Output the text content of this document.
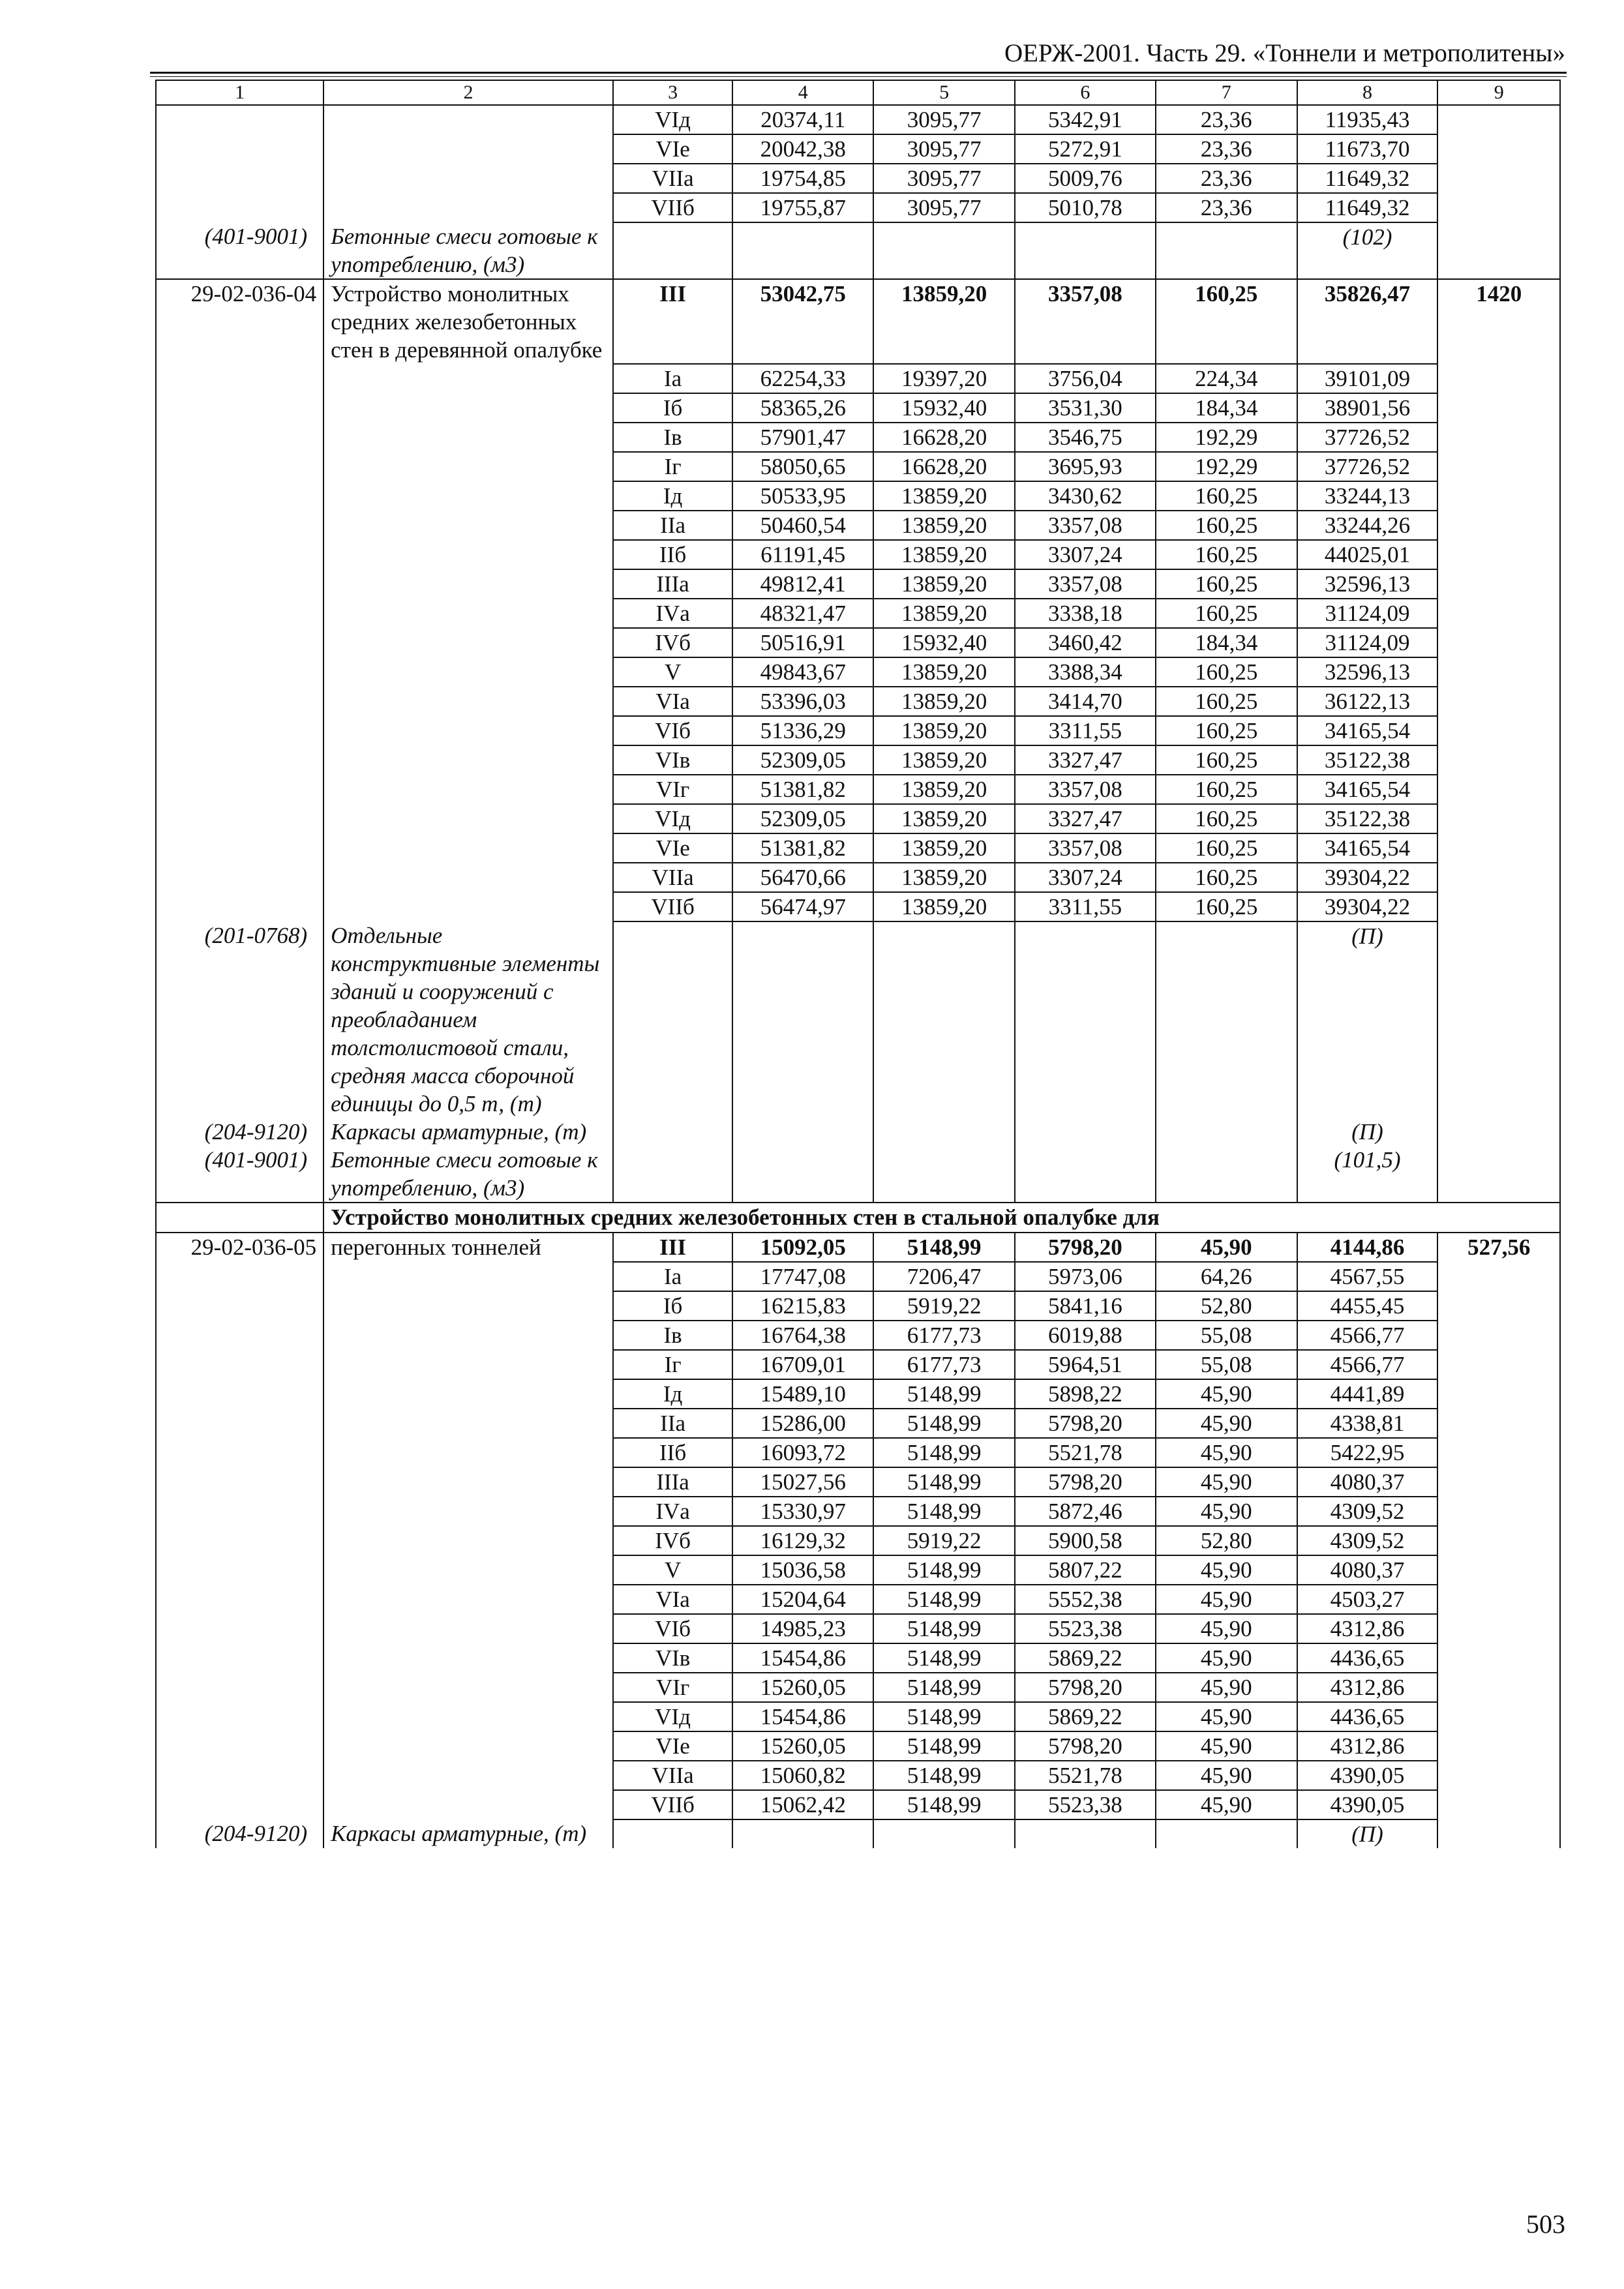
ОЕРЖ-2001. Часть 29. «Тоннели и метрополитены»
1	2	3	4	5	6	7	8	9
		VIд	20374,11	3095,77	5342,91	23,36	11935,43	
		VIе	20042,38	3095,77	5272,91	23,36	11673,70	
		VIIа	19754,85	3095,77	5009,76	23,36	11649,32	
		VIIб	19755,87	3095,77	5010,78	23,36	11649,32	
(401-9001)	Бетонные смеси готовые к употреблению, (м3)						(102)	
29-02-036-04	Устройство монолитных средних железобетонных стен в деревянной опалубке	III	53042,75	13859,20	3357,08	160,25	35826,47	1420
		Iа	62254,33	19397,20	3756,04	224,34	39101,09	
		Iб	58365,26	15932,40	3531,30	184,34	38901,56	
		Iв	57901,47	16628,20	3546,75	192,29	37726,52	
		Iг	58050,65	16628,20	3695,93	192,29	37726,52	
		Iд	50533,95	13859,20	3430,62	160,25	33244,13	
		IIа	50460,54	13859,20	3357,08	160,25	33244,26	
		IIб	61191,45	13859,20	3307,24	160,25	44025,01	
		IIIа	49812,41	13859,20	3357,08	160,25	32596,13	
		IVа	48321,47	13859,20	3338,18	160,25	31124,09	
		IVб	50516,91	15932,40	3460,42	184,34	31124,09	
		V	49843,67	13859,20	3388,34	160,25	32596,13	
		VIа	53396,03	13859,20	3414,70	160,25	36122,13	
		VIб	51336,29	13859,20	3311,55	160,25	34165,54	
		VIв	52309,05	13859,20	3327,47	160,25	35122,38	
		VIг	51381,82	13859,20	3357,08	160,25	34165,54	
		VIд	52309,05	13859,20	3327,47	160,25	35122,38	
		VIе	51381,82	13859,20	3357,08	160,25	34165,54	
		VIIа	56470,66	13859,20	3307,24	160,25	39304,22	
		VIIб	56474,97	13859,20	3311,55	160,25	39304,22	
(201-0768)	Отдельные конструктивные элементы зданий и сооружений с преобладанием толстолистовой стали, средняя масса сборочной единицы до 0,5 т, (т)						(П)	
(204-9120)	Каркасы арматурные, (т)						(П)	
(401-9001)	Бетонные смеси готовые к употреблению, (м3)						(101,5)	
	Устройство монолитных средних железобетонных стен в стальной опалубке для							
29-02-036-05	перегонных тоннелей	III	15092,05	5148,99	5798,20	45,90	4144,86	527,56
		Iа	17747,08	7206,47	5973,06	64,26	4567,55	
		Iб	16215,83	5919,22	5841,16	52,80	4455,45	
		Iв	16764,38	6177,73	6019,88	55,08	4566,77	
		Iг	16709,01	6177,73	5964,51	55,08	4566,77	
		Iд	15489,10	5148,99	5898,22	45,90	4441,89	
		IIа	15286,00	5148,99	5798,20	45,90	4338,81	
		IIб	16093,72	5148,99	5521,78	45,90	5422,95	
		IIIа	15027,56	5148,99	5798,20	45,90	4080,37	
		IVа	15330,97	5148,99	5872,46	45,90	4309,52	
		IVб	16129,32	5919,22	5900,58	52,80	4309,52	
		V	15036,58	5148,99	5807,22	45,90	4080,37	
		VIа	15204,64	5148,99	5552,38	45,90	4503,27	
		VIб	14985,23	5148,99	5523,38	45,90	4312,86	
		VIв	15454,86	5148,99	5869,22	45,90	4436,65	
		VIг	15260,05	5148,99	5798,20	45,90	4312,86	
		VIд	15454,86	5148,99	5869,22	45,90	4436,65	
		VIе	15260,05	5148,99	5798,20	45,90	4312,86	
		VIIа	15060,82	5148,99	5521,78	45,90	4390,05	
		VIIб	15062,42	5148,99	5523,38	45,90	4390,05	
(204-9120)	Каркасы арматурные, (т)						(П)	
503
